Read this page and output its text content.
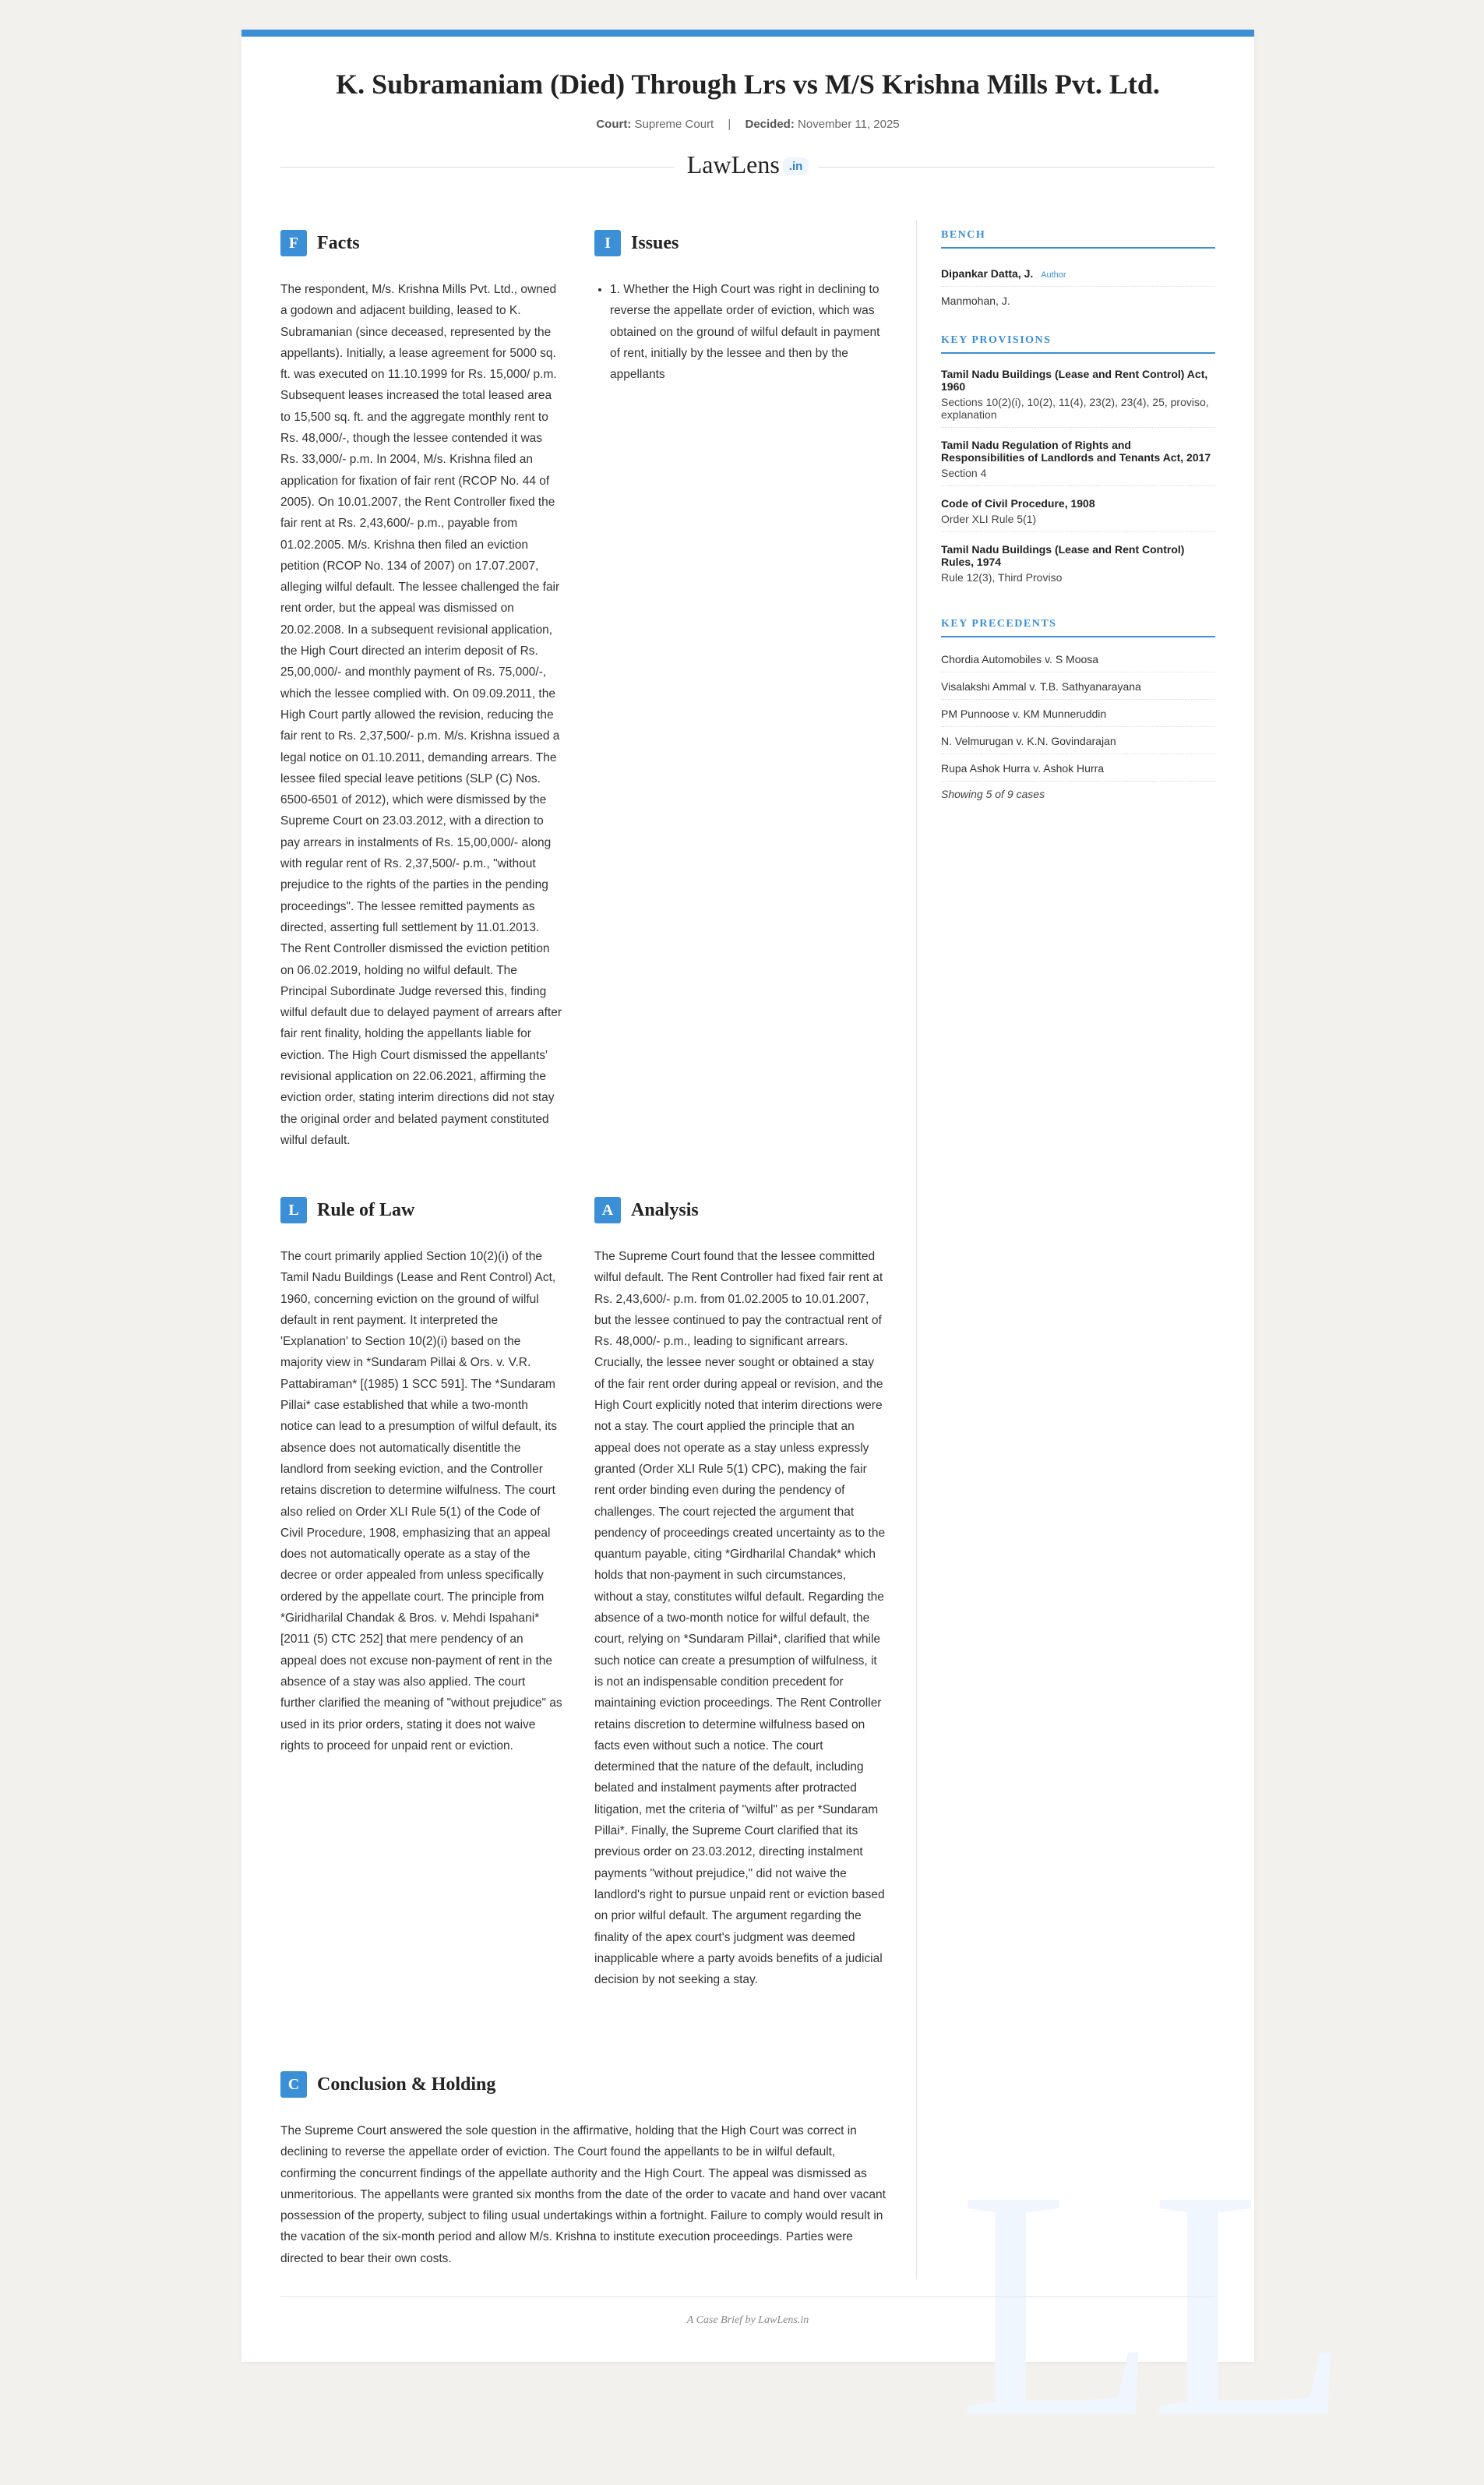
LL
K. Subramaniam (Died) Through Lrs vs M/S Krishna Mills Pvt. Ltd.
Court: Supreme Court | Decided: November 11, 2025
LawLens .in
F Facts
The respondent, M/s. Krishna Mills Pvt. Ltd., owned a godown and adjacent building, leased to K. Subramanian (since deceased, represented by the appellants). Initially, a lease agreement for 5000 sq. ft. was executed on 11.10.1999 for Rs. 15,000/ p.m. Subsequent leases increased the total leased area to 15,500 sq. ft. and the aggregate monthly rent to Rs. 48,000/-, though the lessee contended it was Rs. 33,000/- p.m. In 2004, M/s. Krishna filed an application for fixation of fair rent (RCOP No. 44 of 2005). On 10.01.2007, the Rent Controller fixed the fair rent at Rs. 2,43,600/- p.m., payable from 01.02.2005. M/s. Krishna then filed an eviction petition (RCOP No. 134 of 2007) on 17.07.2007, alleging wilful default. The lessee challenged the fair rent order, but the appeal was dismissed on 20.02.2008. In a subsequent revisional application, the High Court directed an interim deposit of Rs. 25,00,000/- and monthly payment of Rs. 75,000/-, which the lessee complied with. On 09.09.2011, the High Court partly allowed the revision, reducing the fair rent to Rs. 2,37,500/- p.m. M/s. Krishna issued a legal notice on 01.10.2011, demanding arrears. The lessee filed special leave petitions (SLP (C) Nos. 6500-6501 of 2012), which were dismissed by the Supreme Court on 23.03.2012, with a direction to pay arrears in instalments of Rs. 15,00,000/- along with regular rent of Rs. 2,37,500/- p.m., "without prejudice to the rights of the parties in the pending proceedings". The lessee remitted payments as directed, asserting full settlement by 11.01.2013. The Rent Controller dismissed the eviction petition on 06.02.2019, holding no wilful default. The Principal Subordinate Judge reversed this, finding wilful default due to delayed payment of arrears after fair rent finality, holding the appellants liable for eviction. The High Court dismissed the appellants' revisional application on 22.06.2021, affirming the eviction order, stating interim directions did not stay the original order and belated payment constituted wilful default.
I	Issues
• 1. Whether the High Court was right in declining to reverse the appellate order of eviction, which was obtained on the ground of wilful default in payment of rent, initially by the lessee and then by the appellants
L Rule of Law
The court primarily applied Section 10(2)(i) of the Tamil Nadu Buildings (Lease and Rent Control) Act, 1960, concerning eviction on the ground of wilful default in rent payment. It interpreted the 'Explanation' to Section 10(2)(i) based on the majority view in *Sundaram Pillai & Ors. v. V.R. Pattabiraman* [(1985) 1 SCC 591]. The *Sundaram Pillai* case established that while a two-month notice can lead to a presumption of wilful default, its absence does not automatically disentitle the landlord from seeking eviction, and the Controller retains discretion to determine wilfulness. The court also relied on Order XLI Rule 5(1) of the Code of Civil Procedure, 1908, emphasizing that an appeal does not automatically operate as a stay of the decree or order appealed from unless specifically ordered by the appellate court. The principle from *Giridharilal Chandak & Bros. v. Mehdi Ispahani* [2011 (5) CTC 252] that mere pendency of an appeal does not excuse non-payment of rent in the absence of a stay was also applied. The court further clarified the meaning of "without prejudice" as used in its prior orders, stating it does not waive rights to proceed for unpaid rent or eviction.
A Analysis
The Supreme Court found that the lessee committed wilful default. The Rent Controller had fixed fair rent at Rs. 2,43,600/- p.m. from 01.02.2005 to 10.01.2007, but the lessee continued to pay the contractual rent of Rs. 48,000/- p.m., leading to significant arrears. Crucially, the lessee never sought or obtained a stay of the fair rent order during appeal or revision, and the High Court explicitly noted that interim directions were not a stay. The court applied the principle that an appeal does not operate as a stay unless expressly granted (Order XLI Rule 5(1) CPC), making the fair rent order binding even during the pendency of challenges. The court rejected the argument that pendency of proceedings created uncertainty as to the quantum payable, citing *Girdharilal Chandak* which holds that non-payment in such circumstances, without a stay, constitutes wilful default. Regarding the absence of a two-month notice for wilful default, the court, relying on *Sundaram Pillai*, clarified that while such notice can create a presumption of wilfulness, it is not an indispensable condition precedent for maintaining eviction proceedings. The Rent Controller retains discretion to determine wilfulness based on facts even without such a notice. The court determined that the nature of the default, including belated and instalment payments after protracted litigation, met the criteria of "wilful" as per *Sundaram Pillai*. Finally, the Supreme Court clarified that its previous order on 23.03.2012, directing instalment payments "without prejudice," did not waive the landlord's right to pursue unpaid rent or eviction based on prior wilful default. The argument regarding the finality of the apex court's judgment was deemed inapplicable where a party avoids benefits of a judicial decision by not seeking a stay.
C Conclusion & Holding
The Supreme Court answered the sole question in the affirmative, holding that the High Court was correct in declining to reverse the appellate order of eviction. The Court found the appellants to be in wilful default, confirming the concurrent findings of the appellate authority and the High Court. The appeal was dismissed as unmeritorious. The appellants were granted six months from the date of the order to vacate and hand over vacant possession of the property, subject to filing usual undertakings within a fortnight. Failure to comply would result in the vacation of the six-month period and allow M/s. Krishna to institute execution proceedings. Parties were directed to bear their own costs.
BENCH
Dipankar Datta, J. Author
Manmohan, J.
KEY PROVISIONS
Tamil Nadu Buildings (Lease and Rent Control) Act, 1960
Sections 10(2)(i), 10(2), 11(4), 23(2), 23(4), 25, proviso, explanation
Tamil Nadu Regulation of Rights and Responsibilities of Landlords and Tenants Act, 2017
Section 4
Code of Civil Procedure, 1908
Order XLI Rule 5(1)
Tamil Nadu Buildings (Lease and Rent Control) Rules, 1974
Rule 12(3), Third Proviso
KEY PRECEDENTS
Chordia Automobiles v. S Moosa
Visalakshi Ammal v. T.B. Sathyanarayana
PM Punnoose v. KM Munneruddin
N. Velmurugan v. K.N. Govindarajan
Rupa Ashok Hurra v. Ashok Hurra
Showing 5 of 9 cases
A Case Brief by LawLens.in
